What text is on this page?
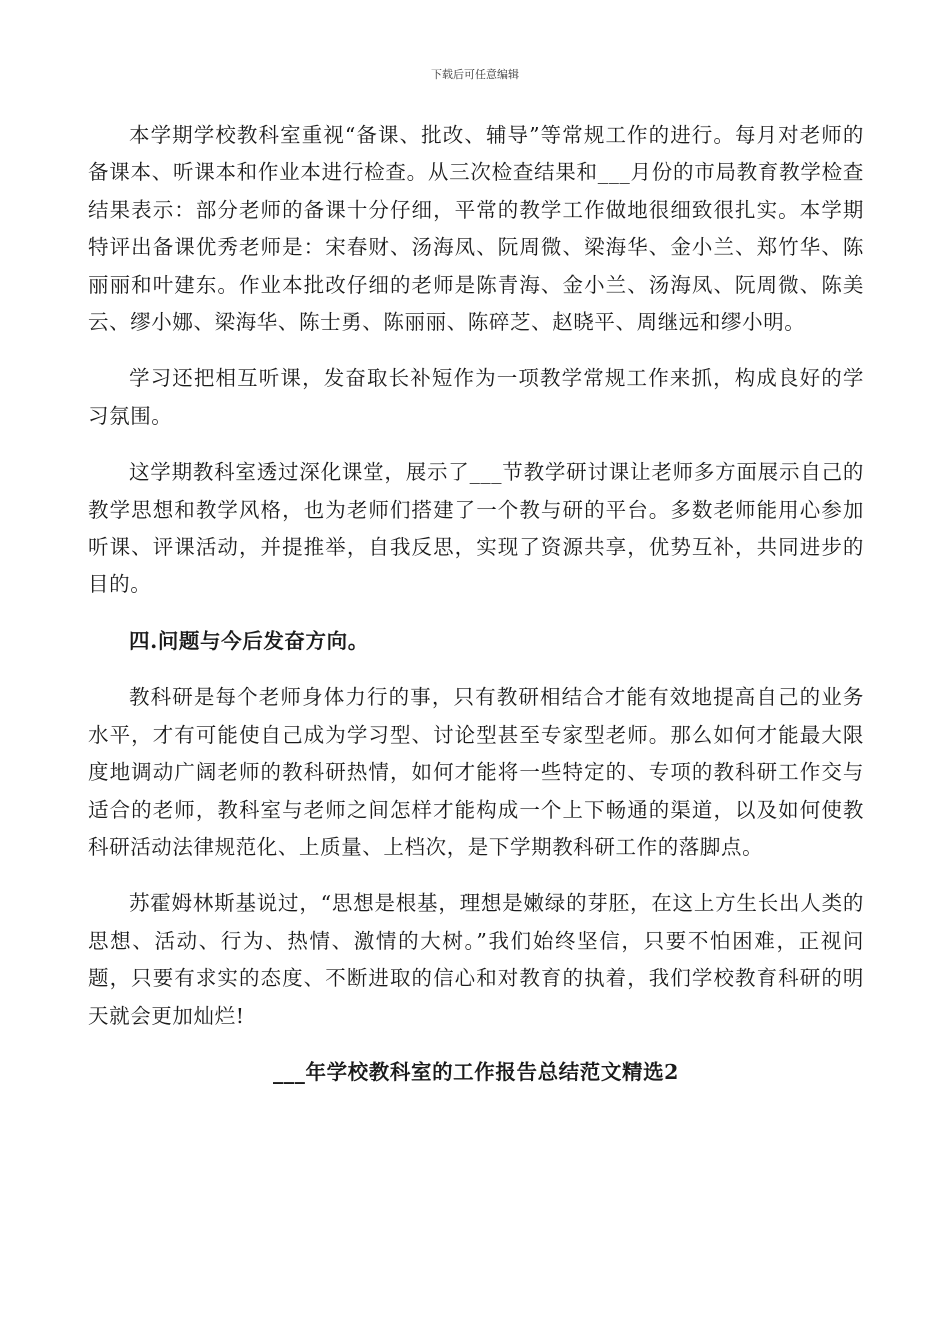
下载后可任意编辑

本学期学校教科室重视“备课、批改、辅导”等常规工作的进行。每月对老师的备课本、听课本和作业本进行检查。从三次检查结果和___月份的市局教育教学检查结果表示：部分老师的备课十分仔细，平常的教学工作做地很细致很扎实。本学期特评出备课优秀老师是：宋春财、汤海凤、阮周微、梁海华、金小兰、郑竹华、陈丽丽和叶建东。作业本批改仔细的老师是陈青海、金小兰、汤海凤、阮周微、陈美云、缪小娜、梁海华、陈士勇、陈丽丽、陈碎芝、赵晓平、周继远和缪小明。

学习还把相互听课，发奋取长补短作为一项教学常规工作来抓，构成良好的学习氛围。

这学期教科室透过深化课堂，展示了___节教学研讨课让老师多方面展示自己的教学思想和教学风格，也为老师们搭建了一个教与研的平台。多数老师能用心参加听课、评课活动，并提推举，自我反思，实现了资源共享，优势互补，共同进步的目的。

四.问题与今后发奋方向。

教科研是每个老师身体力行的事，只有教研相结合才能有效地提高自己的业务水平，才有可能使自己成为学习型、讨论型甚至专家型老师。那么如何才能最大限度地调动广阔老师的教科研热情，如何才能将一些特定的、专项的教科研工作交与适合的老师，教科室与老师之间怎样才能构成一个上下畅通的渠道，以及如何使教科研活动法律规范化、上质量、上档次，是下学期教科研工作的落脚点。

苏霍姆林斯基说过，“思想是根基，理想是嫩绿的芽胚，在这上方生长出人类的思想、活动、行为、热情、激情的大树。”我们始终坚信，只要不怕困难，正视问题，只要有求实的态度、不断进取的信心和对教育的执着，我们学校教育科研的明天就会更加灿烂!

___年学校教科室的工作报告总结范文精选2
